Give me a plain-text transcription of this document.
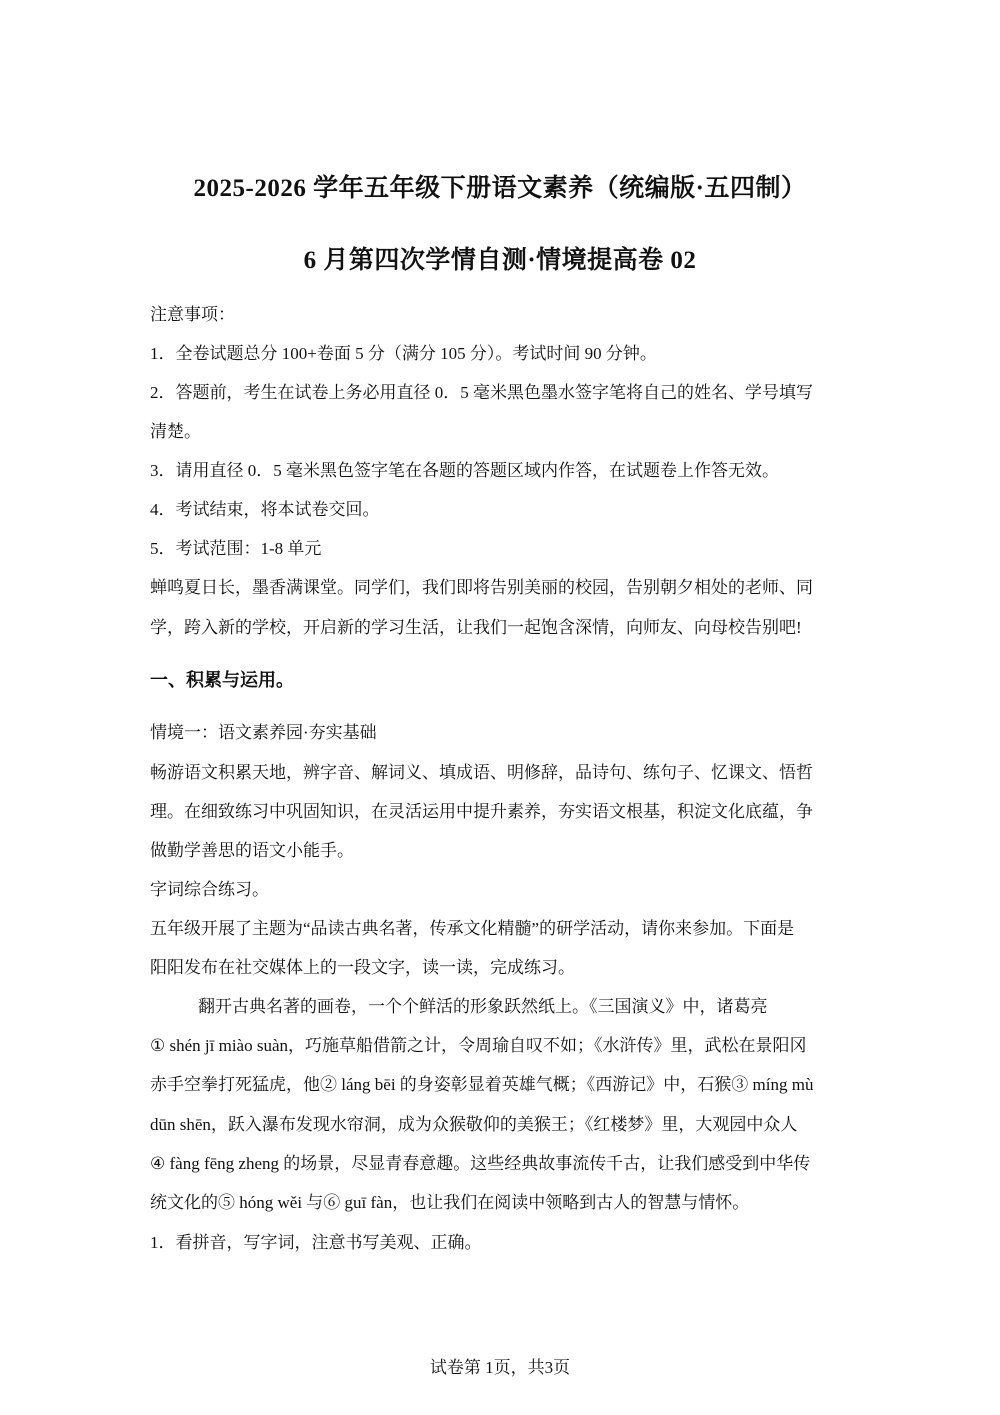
2025-2026 学年五年级下册语文素养（统编版·五四制）
6 月第四次学情自测·情境提高卷 02
注意事项：
1．全卷试题总分 100+卷面 5 分（满分 105 分）。考试时间 90 分钟。
2．答题前，考生在试卷上务必用直径 0．5 毫米黑色墨水签字笔将自己的姓名、学号填写
清楚。
3．请用直径 0．5 毫米黑色签字笔在各题的答题区域内作答，在试题卷上作答无效。
4．考试结束，将本试卷交回。
5．考试范围：1-8 单元
蝉鸣夏日长，墨香满课堂。同学们，我们即将告别美丽的校园，告别朝夕相处的老师、同
学，跨入新的学校，开启新的学习生活，让我们一起饱含深情，向师友、向母校告别吧!
一、积累与运用。
情境一：语文素养园·夯实基础
畅游语文积累天地，辨字音、解词义、填成语、明修辞，品诗句、练句子、忆课文、悟哲
理。在细致练习中巩固知识，在灵活运用中提升素养，夯实语文根基，积淀文化底蕴，争
做勤学善思的语文小能手。
字词综合练习。
五年级开展了主题为“品读古典名著，传承文化精髓”的研学活动，请你来参加。下面是
阳阳发布在社交媒体上的一段文字，读一读，完成练习。
翻开古典名著的画卷，一个个鲜活的形象跃然纸上。《三国演义》中，诸葛亮
① shén jī miào suàn，巧施草船借箭之计，令周瑜自叹不如；《水浒传》里，武松在景阳冈
赤手空拳打死猛虎，他② láng bēi 的身姿彰显着英雄气概；《西游记》中，石猴③ míng mù
dūn shēn，跃入瀑布发现水帘洞，成为众猴敬仰的美猴王；《红楼梦》里，大观园中众人
④ fàng fēng zheng 的场景，尽显青春意趣。这些经典故事流传千古，让我们感受到中华传
统文化的⑤ hóng wěi 与⑥ guī fàn，也让我们在阅读中领略到古人的智慧与情怀。
1．看拼音，写字词，注意书写美观、正确。
试卷第 1页，共3页
